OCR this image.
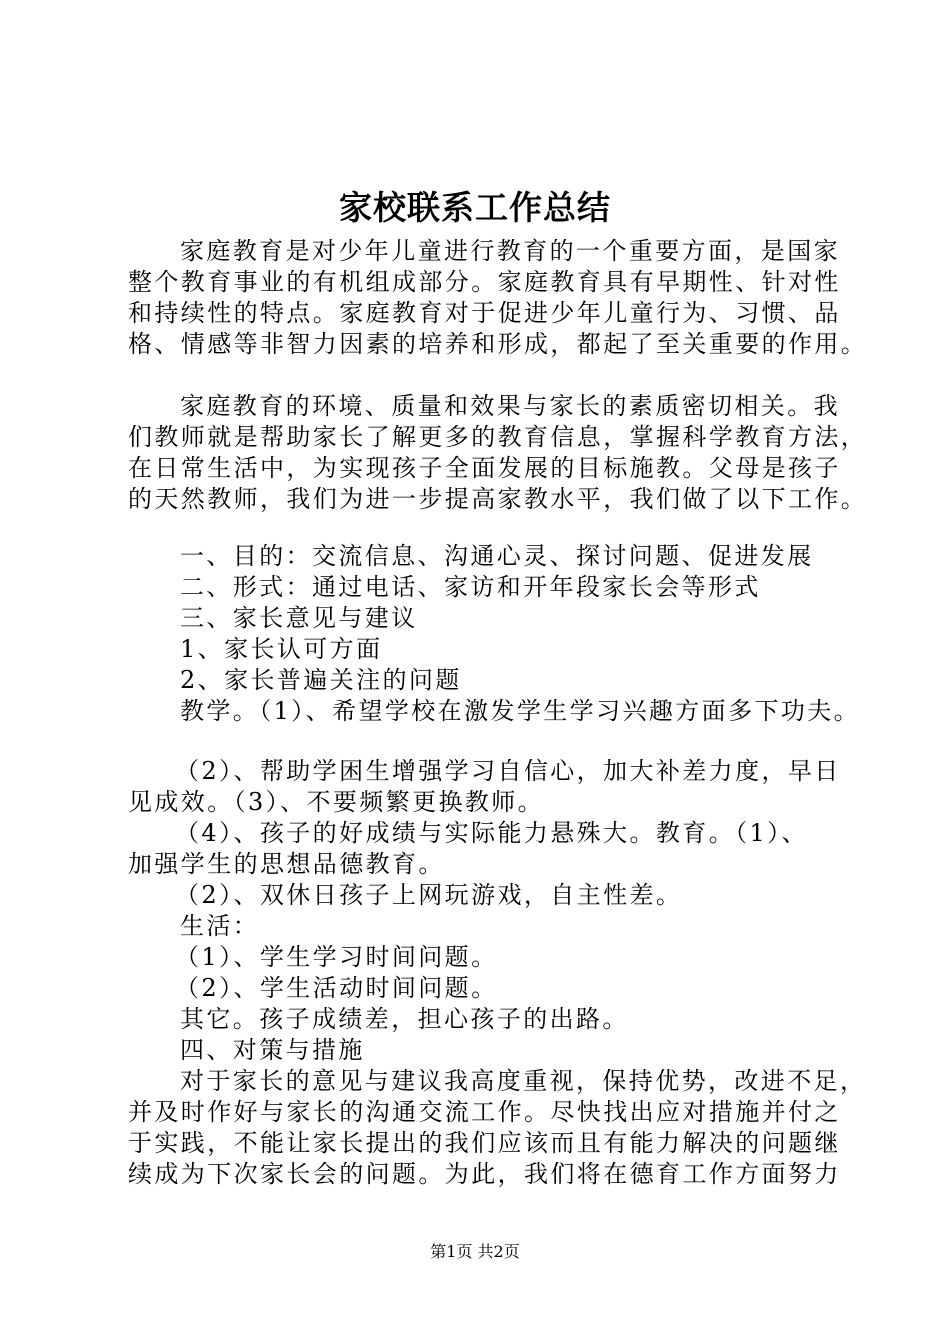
家校联系工作总结
家庭教育是对少年儿童进行教育的一个重要方面，是国家
整个教育事业的有机组成部分。家庭教育具有早期性、针对性
和持续性的特点。家庭教育对于促进少年儿童行为、习惯、品
格、情感等非智力因素的培养和形成，都起了至关重要的作用。
家庭教育的环境、质量和效果与家长的素质密切相关。我
们教师就是帮助家长了解更多的教育信息，掌握科学教育方法，
在日常生活中，为实现孩子全面发展的目标施教。父母是孩子
的天然教师，我们为进一步提高家教水平，我们做了以下工作。
一、目的：交流信息、沟通心灵、探讨问题、促进发展
二、形式：通过电话、家访和开年段家长会等形式
三、家长意见与建议
1、家长认可方面
2、家长普遍关注的问题
教学。（1）、希望学校在激发学生学习兴趣方面多下功夫。
（2）、帮助学困生增强学习自信心，加大补差力度，早日
见成效。（3）、不要频繁更换教师。
（4）、孩子的好成绩与实际能力悬殊大。教育。（1）、
加强学生的思想品德教育。
（2）、双休日孩子上网玩游戏，自主性差。
生活：
（1）、学生学习时间问题。
（2）、学生活动时间问题。
其它。孩子成绩差，担心孩子的出路。
四、对策与措施
对于家长的意见与建议我高度重视，保持优势，改进不足，
并及时作好与家长的沟通交流工作。尽快找出应对措施并付之
于实践，不能让家长提出的我们应该而且有能力解决的问题继
续成为下次家长会的问题。为此，我们将在德育工作方面努力
第1页 共2页
